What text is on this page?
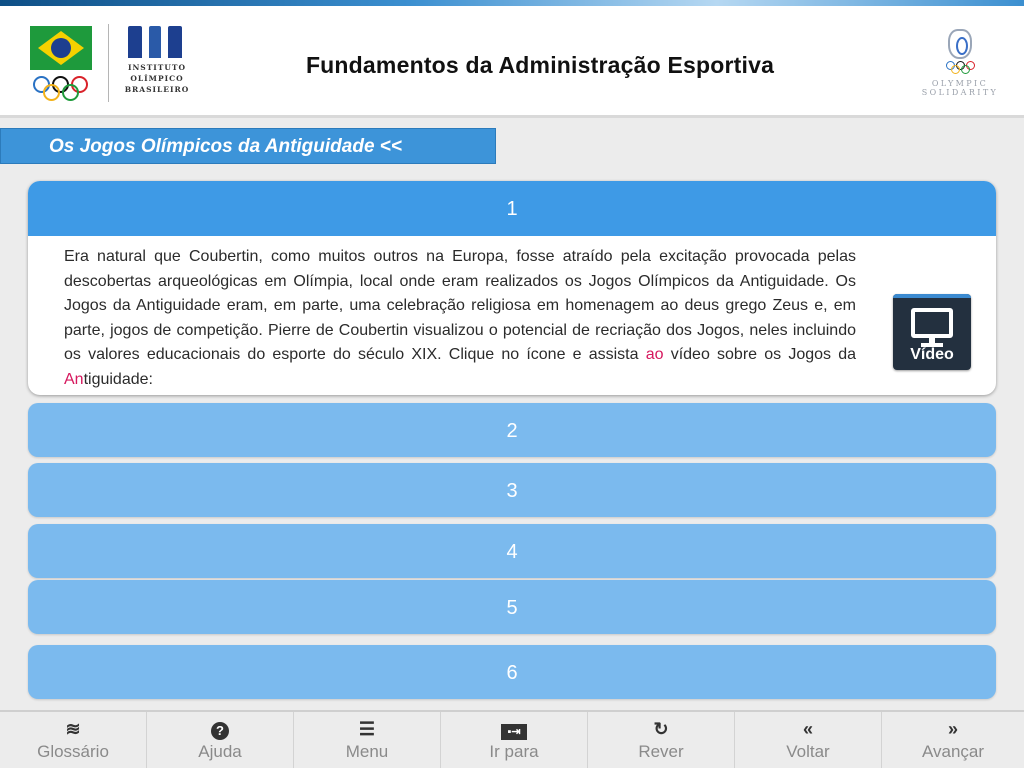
INSTITUTO
OLÍMPICO
BRASILEIRO
Fundamentos da Administração Esportiva
OLYMPIC
SOLIDARITY
Os Jogos Olímpicos da Antiguidade <<
1
Era natural que Coubertin, como muitos outros na Europa, fosse atraído pela excitação provocada pelas descobertas arqueológicas em Olímpia, local onde eram realizados os Jogos Olímpicos da Antiguidade. Os Jogos da Antiguidade eram, em parte, uma celebração religiosa em homenagem ao deus grego Zeus e, em parte, jogos de competição. Pierre de Coubertin visualizou o potencial de recriação dos Jogos, neles incluindo os valores educacionais do esporte do século XIX. Clique no ícone e assista ao vídeo sobre os Jogos da Antiguidade:
Vídeo
2
3
4
5
6
≋
Glossário
?
Ajuda
☰
Menu
▪⇥
Ir para
↻
Rever
«
Voltar
»
Avançar
